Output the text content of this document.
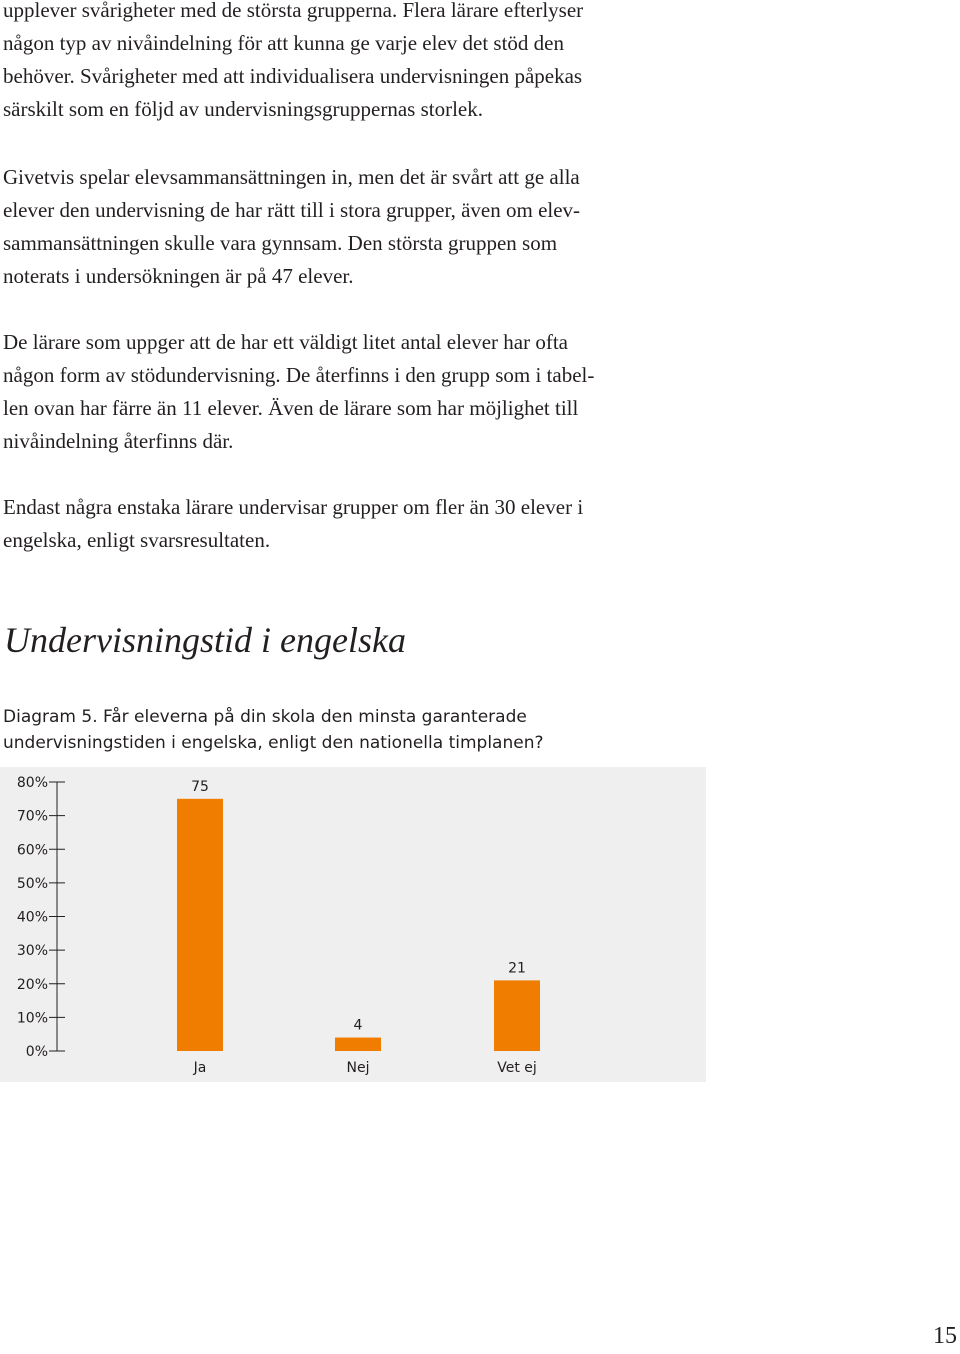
upplever svårigheter med de största grupperna. Flera lärare efterlyser
någon typ av nivåindelning för att kunna ge varje elev det stöd den
behöver. Svårigheter med att individualisera undervisningen påpekas
särskilt som en följd av undervisningsgruppernas storlek.
Givetvis spelar elevsammansättningen in, men det är svårt att ge alla
elever den undervisning de har rätt till i stora grupper, även om elev-
sammansättningen skulle vara gynnsam. Den största gruppen som
noterats i undersökningen är på 47 elever.
De lärare som uppger att de har ett väldigt litet antal elever har ofta
någon form av stödundervisning. De återfinns i den grupp som i tabel-
len ovan har färre än 11 elever. Även de lärare som har möjlighet till
nivåindelning återfinns där.
Endast några enstaka lärare undervisar grupper om fler än 30 elever i
engelska, enligt svarsresultaten.
Undervisningstid i engelska
Diagram 5. Får eleverna på din skola den minsta garanterade
undervisningstiden i engelska, enligt den nationella timplanen?
0%
10%
20%
30%
40%
50%
60%
70%
80%	75
Ja
4
Nej
21
Vet ej
15
